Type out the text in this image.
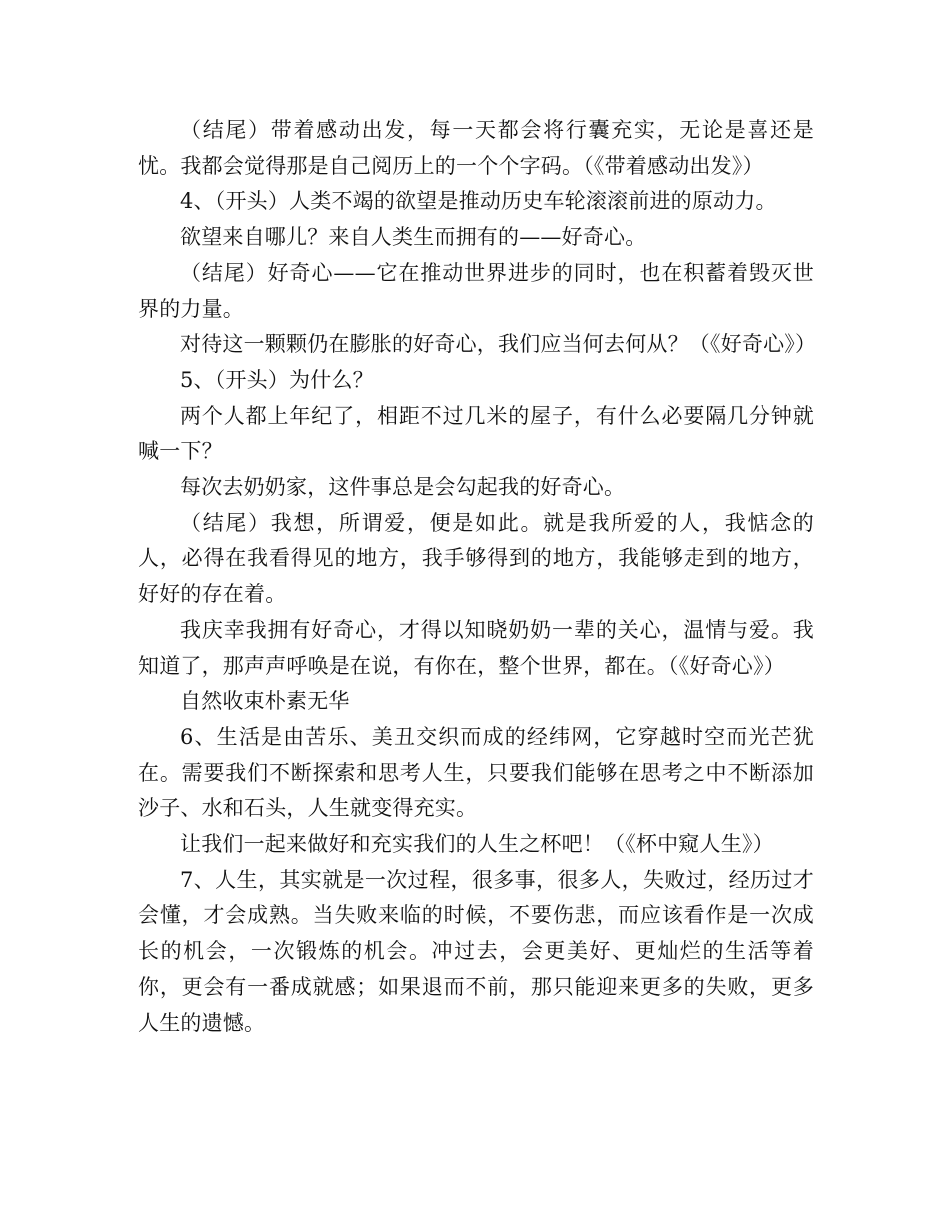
（结尾）带着感动出发，每一天都会将行囊充实，无论是喜还是忧。我都会觉得那是自己阅历上的一个个字码。（《带着感动出发》）

4、（开头）人类不竭的欲望是推动历史车轮滚滚前进的原动力。

欲望来自哪儿？来自人类生而拥有的——好奇心。

（结尾）好奇心——它在推动世界进步的同时，也在积蓄着毁灭世界的力量。

对待这一颗颗仍在膨胀的好奇心，我们应当何去何从？（《好奇心》）

5、（开头）为什么？

两个人都上年纪了，相距不过几米的屋子，有什么必要隔几分钟就喊一下？

每次去奶奶家，这件事总是会勾起我的好奇心。

（结尾）我想，所谓爱，便是如此。就是我所爱的人，我惦念的人，必得在我看得见的地方，我手够得到的地方，我能够走到的地方，好好的存在着。

我庆幸我拥有好奇心，才得以知晓奶奶一辈的关心，温情与爱。我知道了，那声声呼唤是在说，有你在，整个世界，都在。（《好奇心》）

自然收束朴素无华

6、生活是由苦乐、美丑交织而成的经纬网，它穿越时空而光芒犹在。需要我们不断探索和思考人生，只要我们能够在思考之中不断添加沙子、水和石头，人生就变得充实。

让我们一起来做好和充实我们的人生之杯吧！（《杯中窥人生》）

7、人生，其实就是一次过程，很多事，很多人，失败过，经历过才会懂，才会成熟。当失败来临的时候，不要伤悲，而应该看作是一次成长的机会，一次锻炼的机会。冲过去，会更美好、更灿烂的生活等着你，更会有一番成就感；如果退而不前，那只能迎来更多的失败，更多人生的遗憾。
